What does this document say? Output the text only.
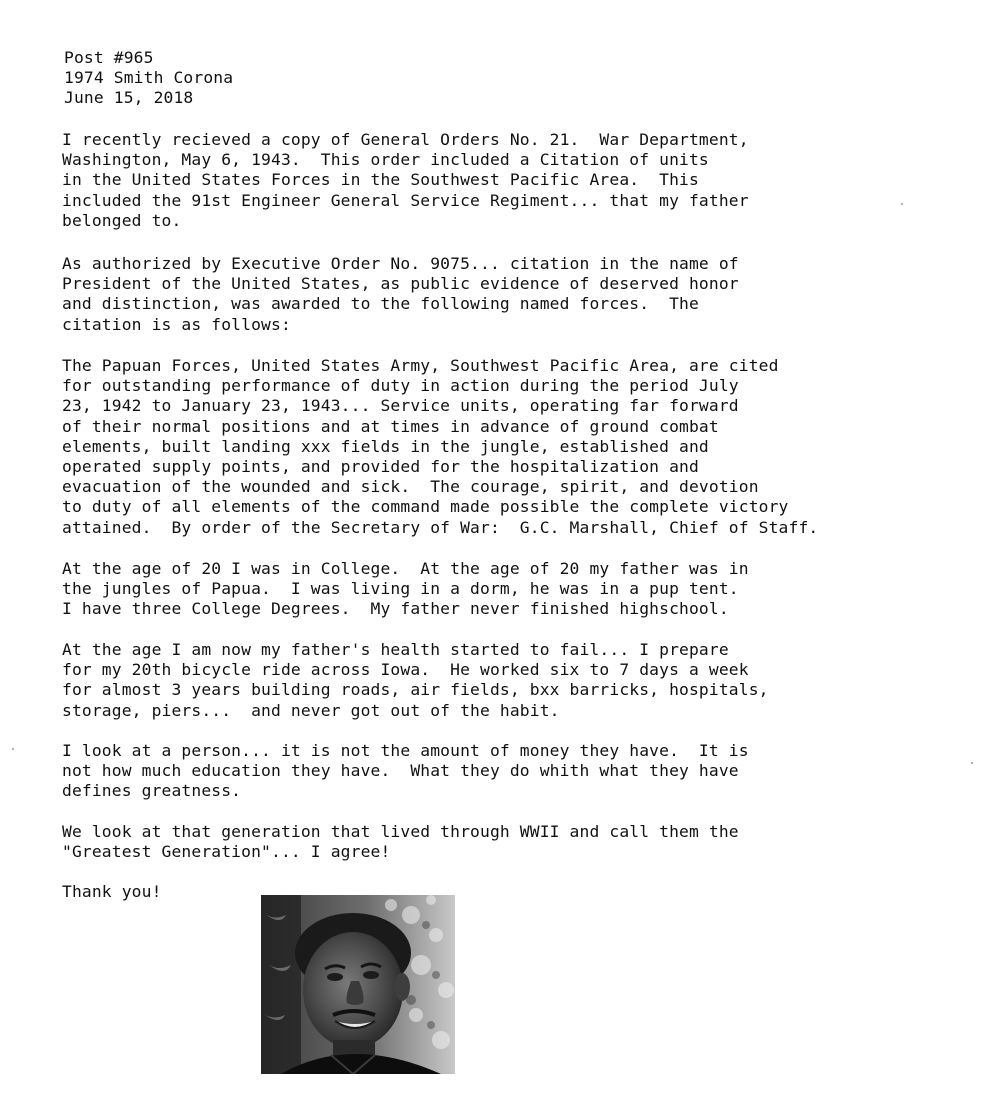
Post #965
1974 Smith Corona
June 15, 2018
I recently recieved a copy of General Orders No. 21.  War Department,
Washington, May 6, 1943.  This order included a Citation of units
in the United States Forces in the Southwest Pacific Area.  This
included the 91st Engineer General Service Regiment... that my father
belonged to.
As authorized by Executive Order No. 9075... citation in the name of
President of the United States, as public evidence of deserved honor
and distinction, was awarded to the following named forces.  The
citation is as follows:
The Papuan Forces, United States Army, Southwest Pacific Area, are cited
for outstanding performance of duty in action during the period July
23, 1942 to January 23, 1943... Service units, operating far forward
of their normal positions and at times in advance of ground combat
elements, built landing xxx fields in the jungle, established and
operated supply points, and provided for the hospitalization and
evacuation of the wounded and sick.  The courage, spirit, and devotion
to duty of all elements of the command made possible the complete victory
attained.  By order of the Secretary of War:  G.C. Marshall, Chief of Staff.
At the age of 20 I was in College.  At the age of 20 my father was in
the jungles of Papua.  I was living in a dorm, he was in a pup tent.
I have three College Degrees.  My father never finished highschool.
At the age I am now my father's health started to fail... I prepare
for my 20th bicycle ride across Iowa.  He worked six to 7 days a week
for almost 3 years building roads, air fields, bxx barricks, hospitals,
storage, piers...  and never got out of the habit.
I look at a person... it is not the amount of money they have.  It is
not how much education they have.  What they do whith what they have
defines greatness.
We look at that generation that lived through WWII and call them the
"Greatest Generation"... I agree!
Thank you!
